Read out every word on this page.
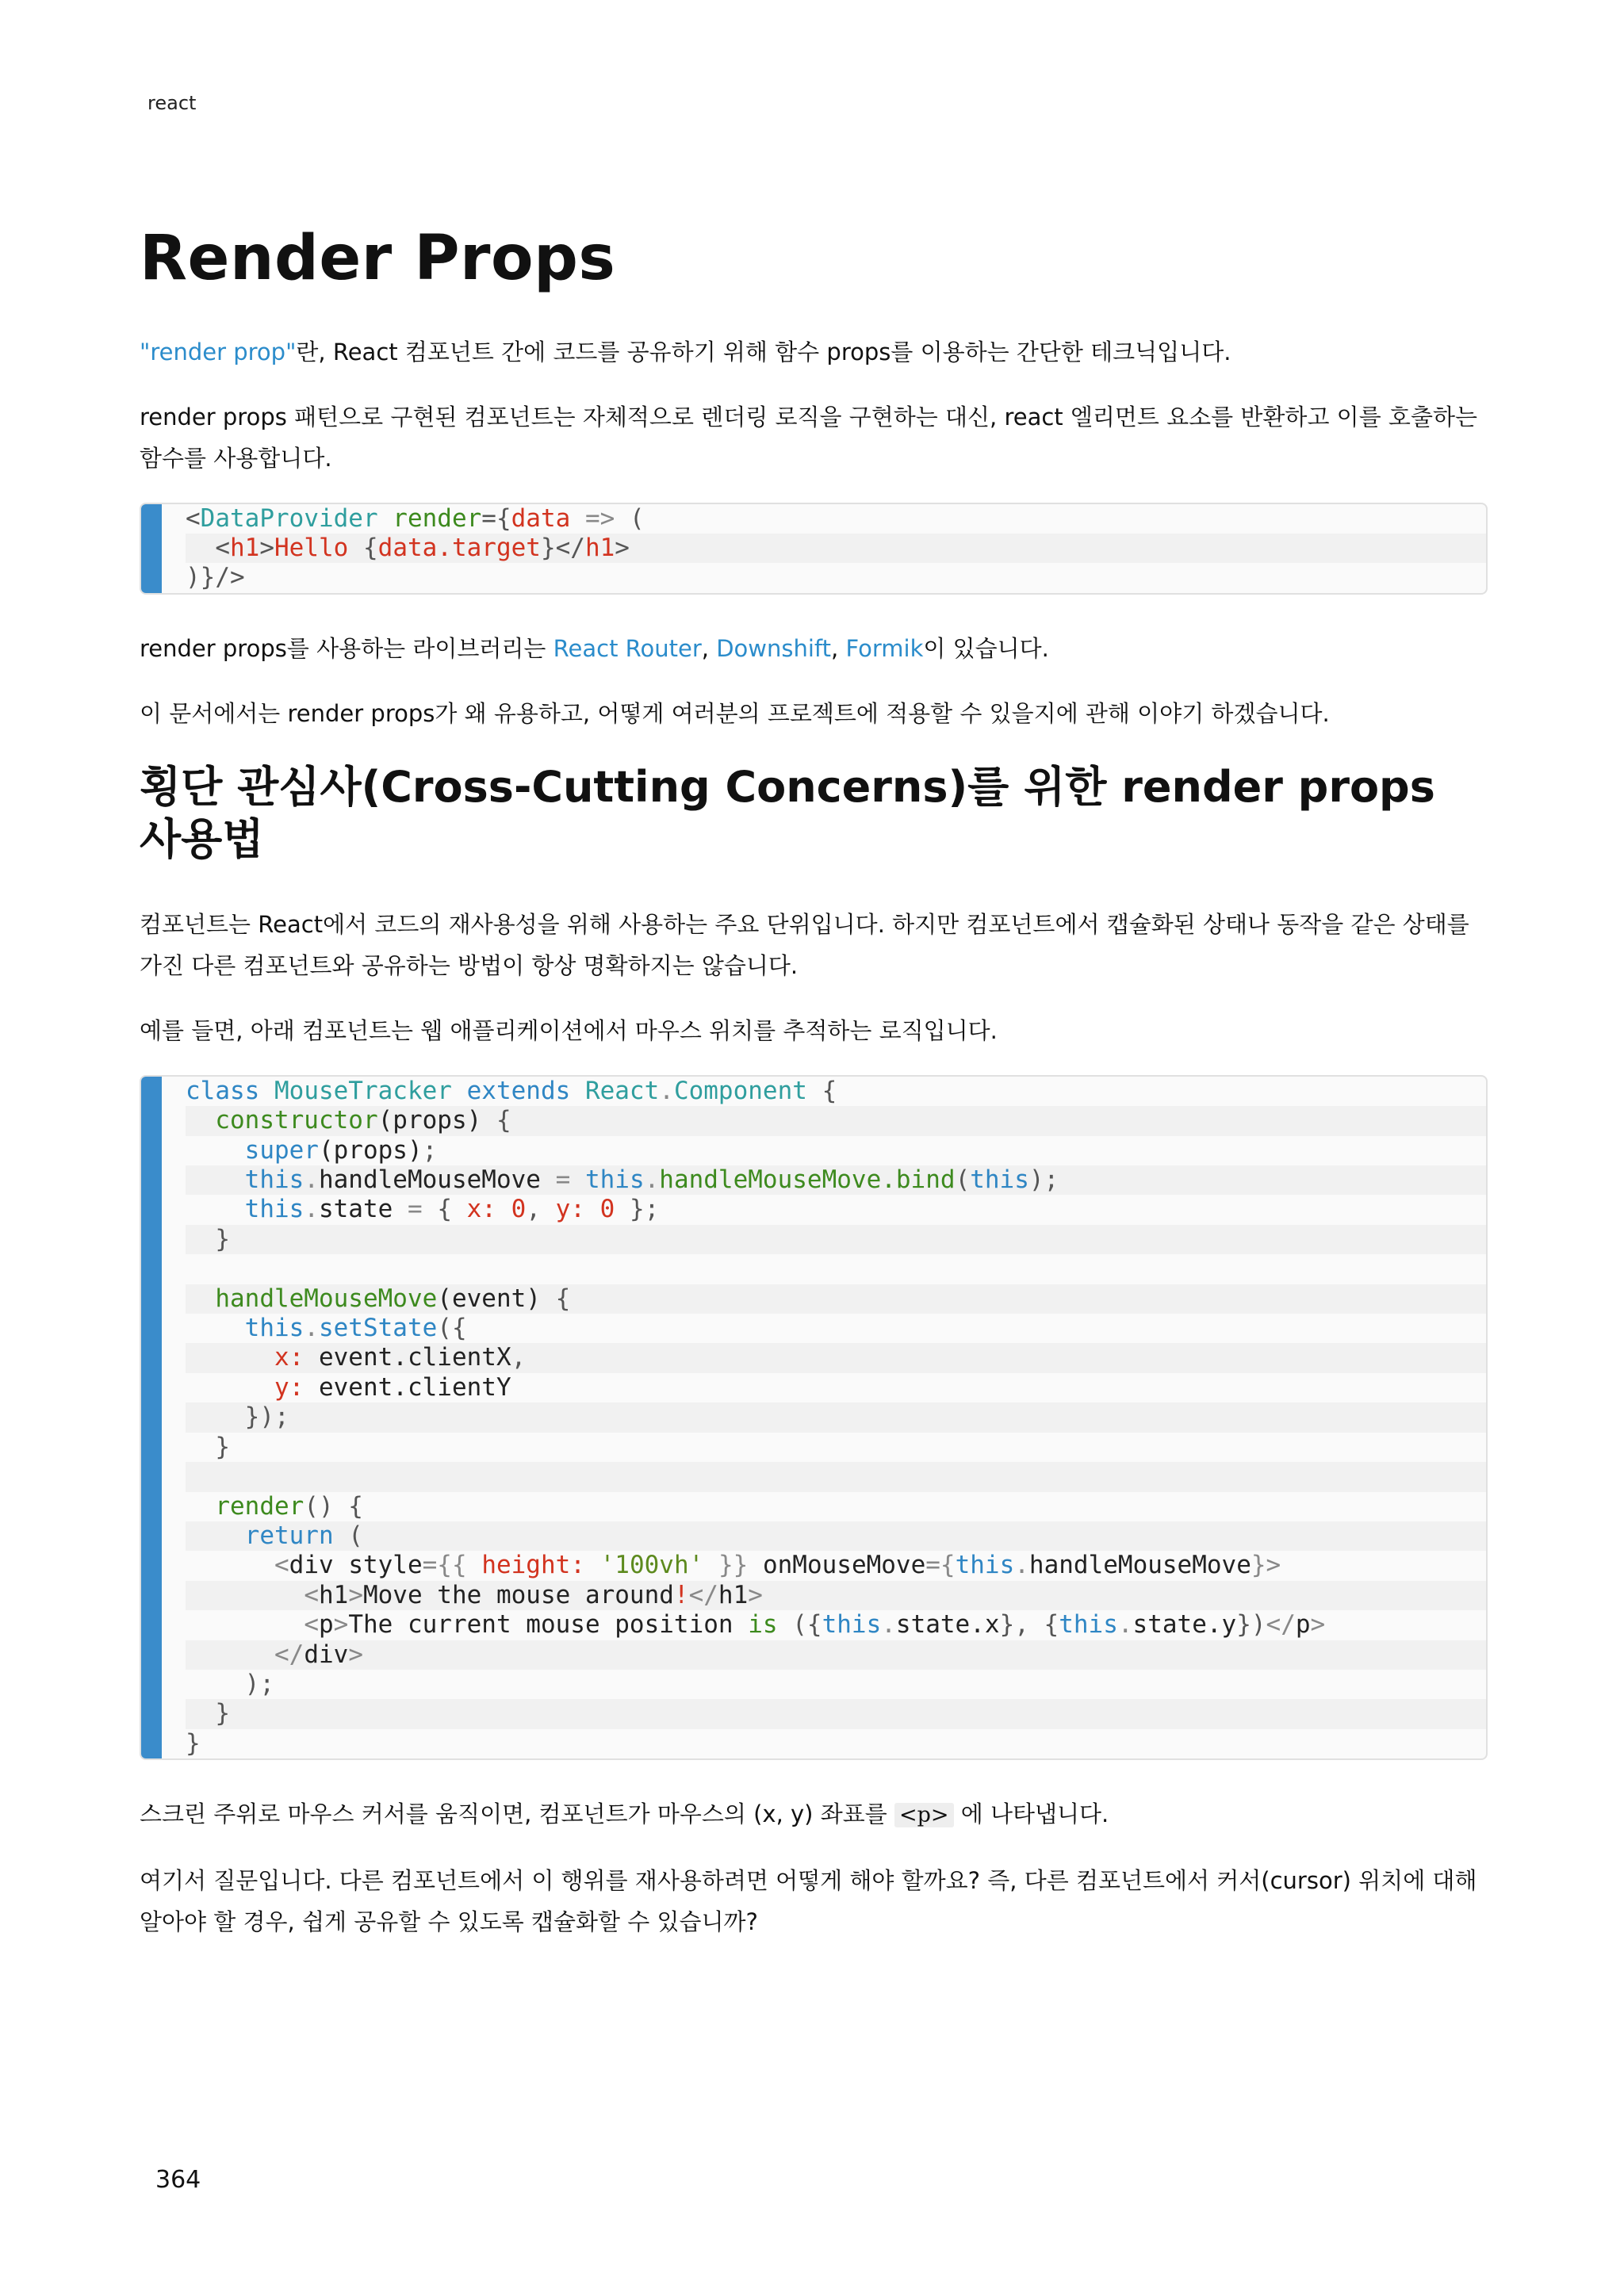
react
Render Props

"render prop"란, React 컴포넌트 간에 코드를 공유하기 위해 함수 props를 이용하는 간단한 테크닉입니다.

render props 패턴으로 구현된 컴포넌트는 자체적으로 렌더링 로직을 구현하는 대신, react 엘리먼트 요소를 반환하고 이를 호출하는 함수를 사용합니다.

<DataProvider render={data => (
<h1>Hello {data.target}</h1>
)}/>

render props를 사용하는 라이브러리는 React Router, Downshift, Formik이 있습니다.

이 문서에서는 render props가 왜 유용하고, 어떻게 여러분의 프로젝트에 적용할 수 있을지에 관해 이야기 하겠습니다.

횡단 관심사(Cross-Cutting Concerns)를 위한 render props 사용법

컴포넌트는 React에서 코드의 재사용성을 위해 사용하는 주요 단위입니다. 하지만 컴포넌트에서 캡슐화된 상태나 동작을 같은 상태를 가진 다른 컴포넌트와 공유하는 방법이 항상 명확하지는 않습니다.

예를 들면, 아래 컴포넌트는 웹 애플리케이션에서 마우스 위치를 추적하는 로직입니다.

class MouseTracker extends React.Component {
constructor(props) {
super(props);
this.handleMouseMove = this.handleMouseMove.bind(this);
this.state = { x: 0, y: 0 };
}

handleMouseMove(event) {
this.setState({
x: event.clientX,
y: event.clientY
});
}

render() {
return (
<div style={{ height: '100vh' }} onMouseMove={this.handleMouseMove}>
<h1>Move the mouse around!</h1>
<p>The current mouse position is ({this.state.x}, {this.state.y})</p>
</div>
);
}
}

스크린 주위로 마우스 커서를 움직이면, 컴포넌트가 마우스의 (x, y) 좌표를 <p> 에 나타냅니다.

여기서 질문입니다. 다른 컴포넌트에서 이 행위를 재사용하려면 어떻게 해야 할까요? 즉, 다른 컴포넌트에서 커서(cursor) 위치에 대해 알아야 할 경우, 쉽게 공유할 수 있도록 캡슐화할 수 있습니까?

364
